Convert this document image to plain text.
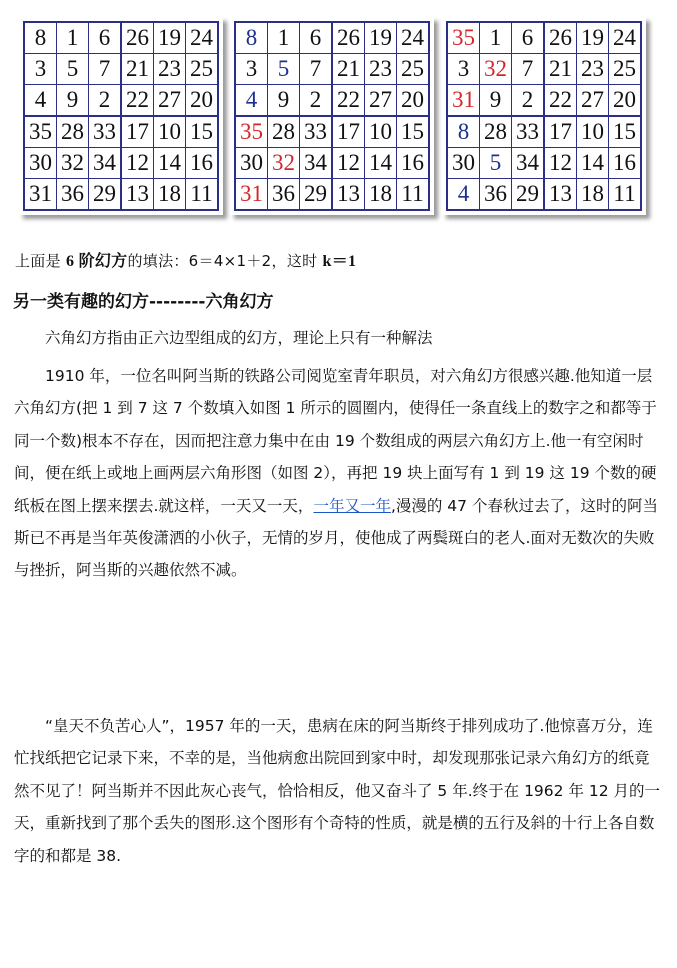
8	1	6	26	19	24
3	5	7	21	23	25
4	9	2	22	27	20
35	28	33	17	10	15
30	32	34	12	14	16
31	36	29	13	18	11
8	1	6	26	19	24
3	5	7	21	23	25
4	9	2	22	27	20
35	28	33	17	10	15
30	32	34	12	14	16
31	36	29	13	18	11
35	1	6	26	19	24
3	32	7	21	23	25
31	9	2	22	27	20
8	28	33	17	10	15
30	5	34	12	14	16
4	36	29	13	18	11
上面是 6 阶幻方的填法：6＝4×1＋2，这时 k＝1
另一类有趣的幻方--------六角幻方

六角幻方指由正六边型组成的幻方，理论上只有一种解法

1910 年，一位名叫阿当斯的铁路公司阅览室青年职员，对六角幻方很感兴趣.他知道一层六角幻方(把 1 到 7 这 7 个数填入如图 1 所示的圆圈内，使得任一条直线上的数字之和都等于同一个数)根本不存在，因而把注意力集中在由 19 个数组成的两层六角幻方上.他一有空闲时间，便在纸上或地上画两层六角形图（如图 2），再把 19 块上面写有 1 到 19 这 19 个数的硬纸板在图上摆来摆去.就这样，一天又一天，一年又一年,漫漫的 47 个春秋过去了，这时的阿当斯已不再是当年英俊潇洒的小伙子，无情的岁月，使他成了两鬓斑白的老人.面对无数次的失败与挫折，阿当斯的兴趣依然不减。

“皇天不负苦心人”，1957 年的一天，患病在床的阿当斯终于排列成功了.他惊喜万分，连忙找纸把它记录下来，不幸的是，当他病愈出院回到家中时，却发现那张记录六角幻方的纸竟然不见了！阿当斯并不因此灰心丧气，恰恰相反，他又奋斗了 5 年.终于在 1962 年 12 月的一天，重新找到了那个丢失的图形.这个图形有个奇特的性质，就是横的五行及斜的十行上各自数字的和都是 38.
